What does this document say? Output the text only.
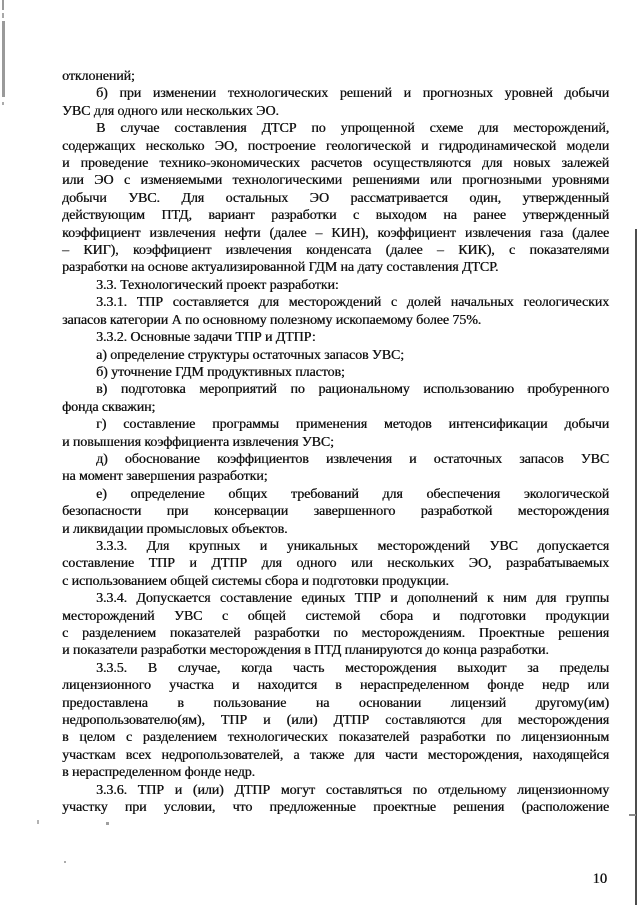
отклонений;
б) при изменении технологических решений и прогнозных уровней добычи
УВС для одного или нескольких ЭО.
В случае составления ДТСР по упрощенной схеме для месторождений,
содержащих несколько ЭО, построение геологической и гидродинамической модели
и проведение технико-экономических расчетов осуществляются для новых залежей
или ЭО с изменяемыми технологическими решениями или прогнозными уровнями
добычи УВС. Для остальных ЭО рассматривается один, утвержденный
действующим ПТД, вариант разработки с выходом на ранее утвержденный
коэффициент извлечения нефти (далее – КИН), коэффициент извлечения газа (далее
– КИГ), коэффициент извлечения конденсата (далее – КИК), с показателями
разработки на основе актуализированной ГДМ на дату составления ДТСР.
3.3. Технологический проект разработки:
3.3.1. ТПР составляется для месторождений с долей начальных геологических
запасов категории А по основному полезному ископаемому более 75%.
3.3.2. Основные задачи ТПР и ДТПР:
а) определение структуры остаточных запасов УВС;
б) уточнение ГДМ продуктивных пластов;
в) подготовка мероприятий по рациональному использованию пробуренного
фонда скважин;
г) составление программы применения методов интенсификации добычи
и повышения коэффициента извлечения УВС;
д) обоснование коэффициентов извлечения и остаточных запасов УВС
на момент завершения разработки;
е) определение общих требований для обеспечения экологической
безопасности при консервации завершенного разработкой месторождения
и ликвидации промысловых объектов.
3.3.3. Для крупных и уникальных месторождений УВС допускается
составление ТПР и ДТПР для одного или нескольких ЭО, разрабатываемых
с использованием общей системы сбора и подготовки продукции.
3.3.4. Допускается составление единых ТПР и дополнений к ним для группы
месторождений УВС с общей системой сбора и подготовки продукции
с разделением показателей разработки по месторождениям. Проектные решения
и показатели разработки месторождения в ПТД планируются до конца разработки.
3.3.5. В случае, когда часть месторождения выходит за пределы
лицензионного участка и находится в нераспределенном фонде недр или
предоставлена в пользование на основании лицензий другому(им)
недропользователю(ям), ТПР и (или) ДТПР составляются для месторождения
в целом с разделением технологических показателей разработки по лицензионным
участкам всех недропользователей, а также для части месторождения, находящейся
в нераспределенном фонде недр.
3.3.6. ТПР и (или) ДТПР могут составляться по отдельному лицензионному
участку при условии, что предложенные проектные решения (расположение
10
